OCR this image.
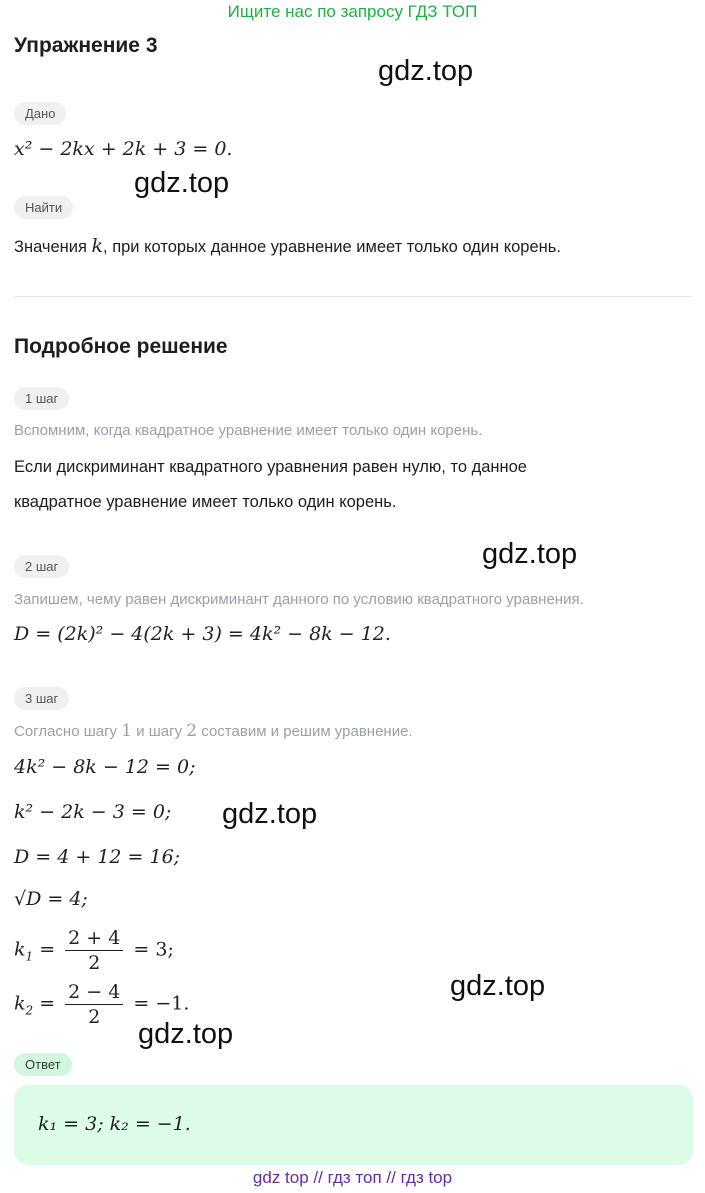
Ищите нас по запросу ГДЗ ТОП
Упражнение 3
gdz.top
gdz.top
gdz.top
gdz.top
gdz.top
gdz.top
Дано
x² − 2kx + 2k + 3 = 0.
Найти
Значения k, при которых данное уравнение имеет только один корень.
Подробное решение
1 шаг
Вспомним, когда квадратное уравнение имеет только один корень.
Если дискриминант квадратного уравнения равен нулю, то данное
квадратное уравнение имеет только один корень.
2 шаг
Запишем, чему равен дискриминант данного по условию квадратного уравнения.
D = (2k)² − 4(2k + 3) = 4k² − 8k − 12.
3 шаг
Согласно шагу 1 и шагу 2 составим и решим уравнение.
4k² − 8k − 12 = 0;
k² − 2k − 3 = 0;
D = 4 + 12 = 16;
√D = 4;
$k_1 = \frac{2 + 4}{2} = 3$;
$k_2 = \frac{2 - 4}{2} = -1$.
Ответ
k₁ = 3; k₂ = −1.
gdz top // гдз топ // гдз top
